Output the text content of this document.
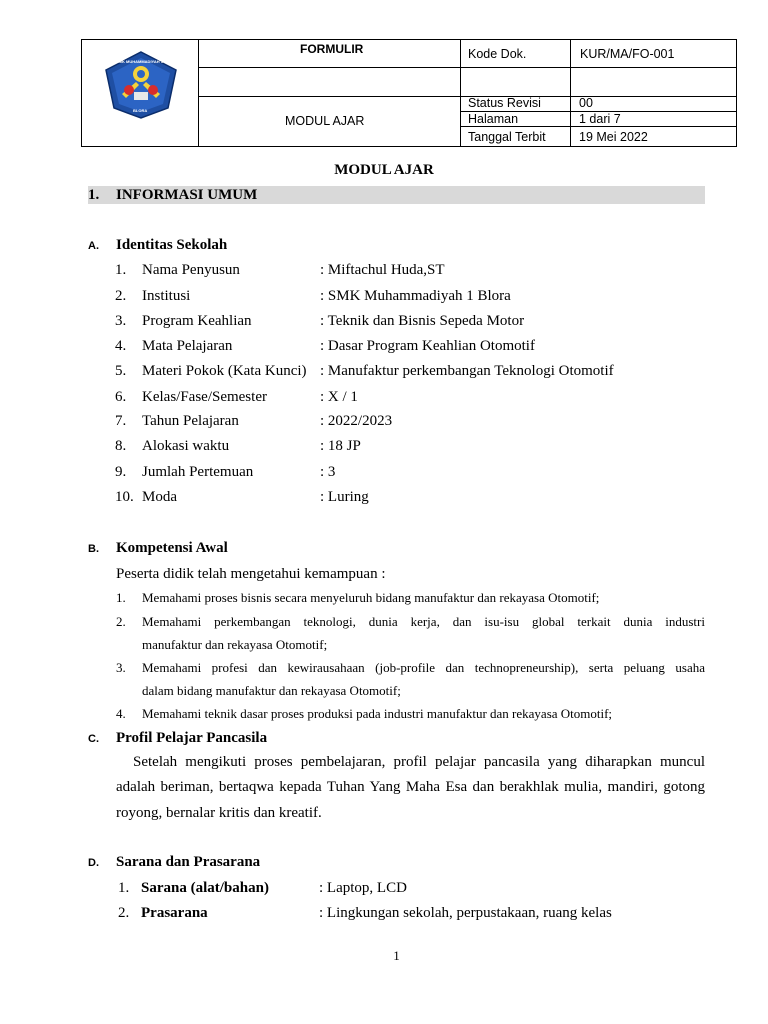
SMK MUHAMMADIYAH 1
BLORA
FORMULIR
MODUL AJAR
Kode Dok.	KUR/MA/FO-001
Status Revisi	00
Halaman	1 dari 7
Tanggal Terbit	19 Mei 2022
MODUL AJAR
1. INFORMASI UMUM
A. Identitas Sekolah
1. Nama Penyusun	: Miftachul Huda,ST
2. Institusi	: SMK Muhammadiyah 1 Blora
3. Program Keahlian	: Teknik dan Bisnis Sepeda Motor
4. Mata Pelajaran	: Dasar Program Keahlian Otomotif
5. Materi Pokok (Kata Kunci) : Manufaktur perkembangan Teknologi Otomotif
6. Kelas/Fase/Semester	: X / 1
7. Tahun Pelajaran	: 2022/2023
8. Alokasi waktu	: 18 JP
9. Jumlah Pertemuan	: 3
10. Moda	: Luring
B. Kompetensi Awal
Peserta didik telah mengetahui kemampuan :
1. Memahami proses bisnis secara menyeluruh bidang manufaktur dan rekayasa Otomotif;
2. Memahami perkembangan teknologi, dunia kerja, dan isu-isu global terkait dunia industri
manufaktur dan rekayasa Otomotif;
3. Memahami profesi dan kewirausahaan (job-profile dan technopreneurship), serta peluang usaha
dalam bidang manufaktur dan rekayasa Otomotif;
4. Memahami teknik dasar proses produksi pada industri manufaktur dan rekayasa Otomotif;
C. Profil Pelajar Pancasila
Setelah mengikuti proses pembelajaran, profil pelajar pancasila yang diharapkan muncul
adalah beriman, bertaqwa kepada Tuhan Yang Maha Esa dan berakhlak mulia, mandiri, gotong
royong, bernalar kritis dan kreatif.
D. Sarana dan Prasarana
1. Sarana (alat/bahan)	: Laptop, LCD
2. Prasarana	: Lingkungan sekolah, perpustakaan, ruang kelas
1
